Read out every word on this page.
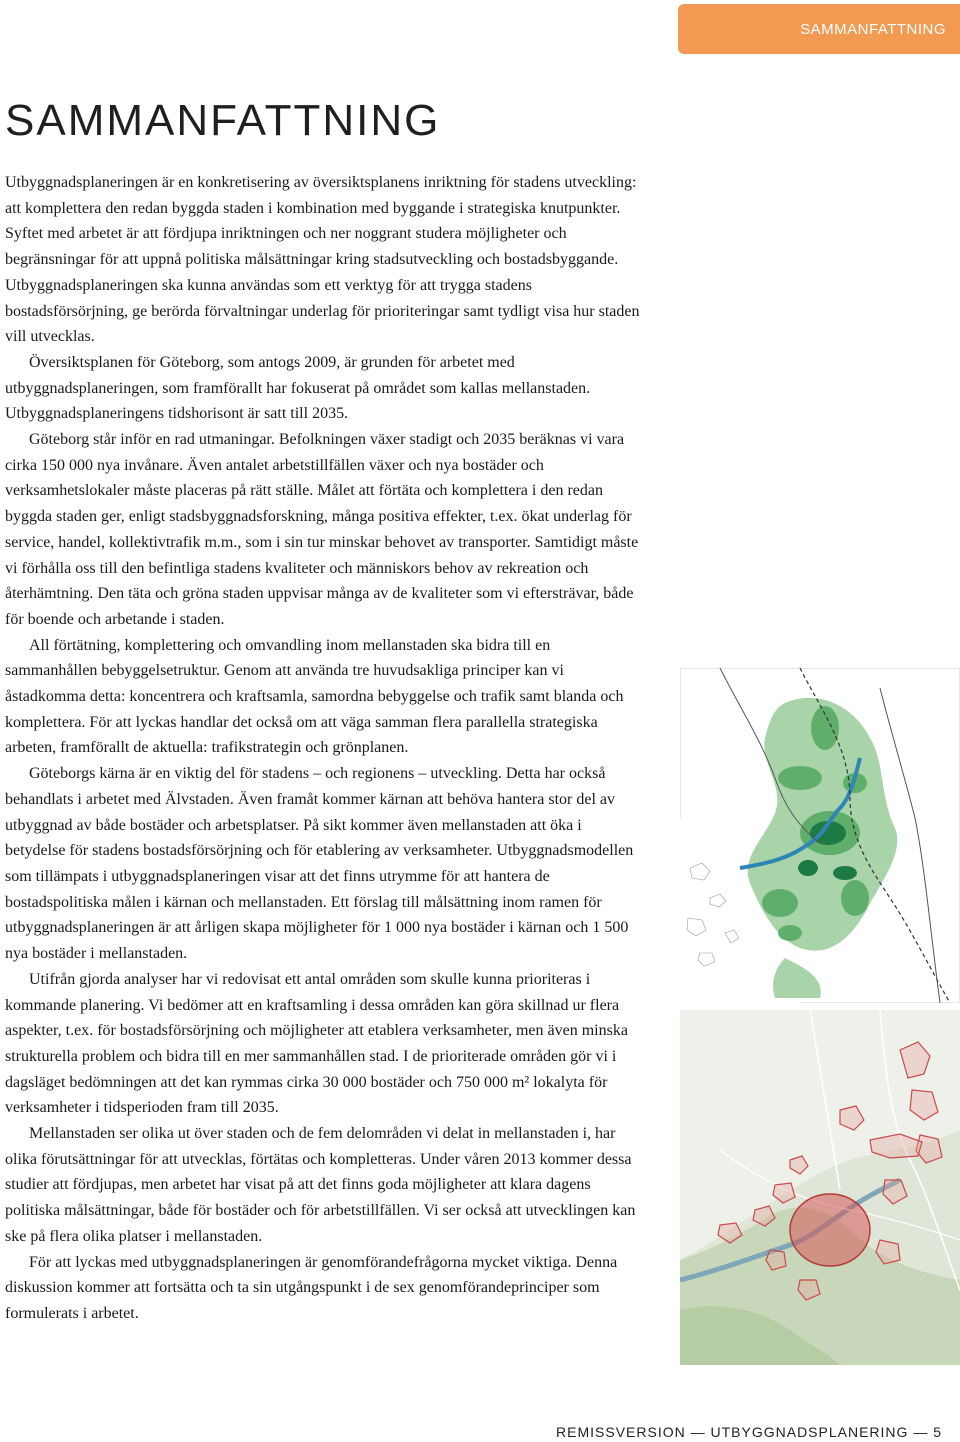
SAMMANFATTNING
SAMMANFATTNING

Utbyggnadsplaneringen är en konkretisering av översiktsplanens inriktning för stadens utveckling: att komplettera den redan byggda staden i kombination med byggande i strategiska knutpunkter. Syftet med arbetet är att fördjupa inriktningen och ner noggrant studera möjligheter och begränsningar för att uppnå politiska målsättningar kring stadsutveckling och bostadsbyggande. Utbyggnadsplaneringen ska kunna användas som ett verktyg för att trygga stadens bostadsförsörjning, ge berörda förvaltningar underlag för prioriteringar samt tydligt visa hur staden vill utvecklas.

Översiktsplanen för Göteborg, som antogs 2009, är grunden för arbetet med utbyggnadsplaneringen, som framförallt har fokuserat på området som kallas mellanstaden. Utbyggnadsplaneringens tidshorisont är satt till 2035.

Göteborg står inför en rad utmaningar. Befolkningen växer stadigt och 2035 beräknas vi vara cirka 150 000 nya invånare. Även antalet arbetstillfällen växer och nya bostäder och verksamhetslokaler måste placeras på rätt ställe. Målet att förtäta och komplettera i den redan byggda staden ger, enligt stadsbyggnadsforskning, många positiva effekter, t.ex. ökat underlag för service, handel, kollektivtrafik m.m., som i sin tur minskar behovet av transporter. Samtidigt måste vi förhålla oss till den befintliga stadens kvaliteter och människors behov av rekreation och återhämtning. Den täta och gröna staden uppvisar många av de kvaliteter som vi eftersträvar, både för boende och arbetande i staden.

All förtätning, komplettering och omvandling inom mellanstaden ska bidra till en sammanhållen bebyggelsetruktur. Genom att använda tre huvudsakliga principer kan vi åstadkomma detta: koncentrera och kraftsamla, samordna bebyggelse och trafik samt blanda och komplettera. För att lyckas handlar det också om att väga samman flera parallella strategiska arbeten, framförallt de aktuella: trafikstrategin och grönplanen.

Göteborgs kärna är en viktig del för stadens – och regionens – utveckling. Detta har också behandlats i arbetet med Älvstaden. Även framåt kommer kärnan att behöva hantera stor del av utbyggnad av både bostäder och arbetsplatser. På sikt kommer även mellanstaden att öka i betydelse för stadens bostadsförsörjning och för etablering av verksamheter. Utbyggnadsmodellen som tillämpats i utbyggnadsplaneringen visar att det finns utrymme för att hantera de bostadspolitiska målen i kärnan och mellanstaden. Ett förslag till målsättning inom ramen för utbyggnadsplaneringen är att årligen skapa möjligheter för 1 000 nya bostäder i kärnan och 1 500 nya bostäder i mellanstaden.

Utifrån gjorda analyser har vi redovisat ett antal områden som skulle kunna prioriteras i kommande planering. Vi bedömer att en kraftsamling i dessa områden kan göra skillnad ur flera aspekter, t.ex. för bostadsförsörjning och möjligheter att etablera verksamheter, men även minska strukturella problem och bidra till en mer sammanhållen stad. I de prioriterade områden gör vi i dagsläget bedömningen att det kan rymmas cirka 30 000 bostäder och 750 000 m² lokalyta för verksamheter i tidsperioden fram till 2035.

Mellanstaden ser olika ut över staden och de fem delområden vi delat in mellanstaden i, har olika förutsättningar för att utvecklas, förtätas och kompletteras. Under våren 2013 kommer dessa studier att fördjupas, men arbetet har visat på att det finns goda möjligheter att klara dagens politiska målsättningar, både för bostäder och för arbetstillfällen. Vi ser också att utvecklingen kan ske på flera olika platser i mellanstaden.

För att lyckas med utbyggnadsplaneringen är genomförandefrågorna mycket viktiga. Denna diskussion kommer att fortsätta och ta sin utgångspunkt i de sex genomförandeprinciper som formulerats i arbetet.

REMISSVERSION — UTBYGGNADSPLANERING — 5
